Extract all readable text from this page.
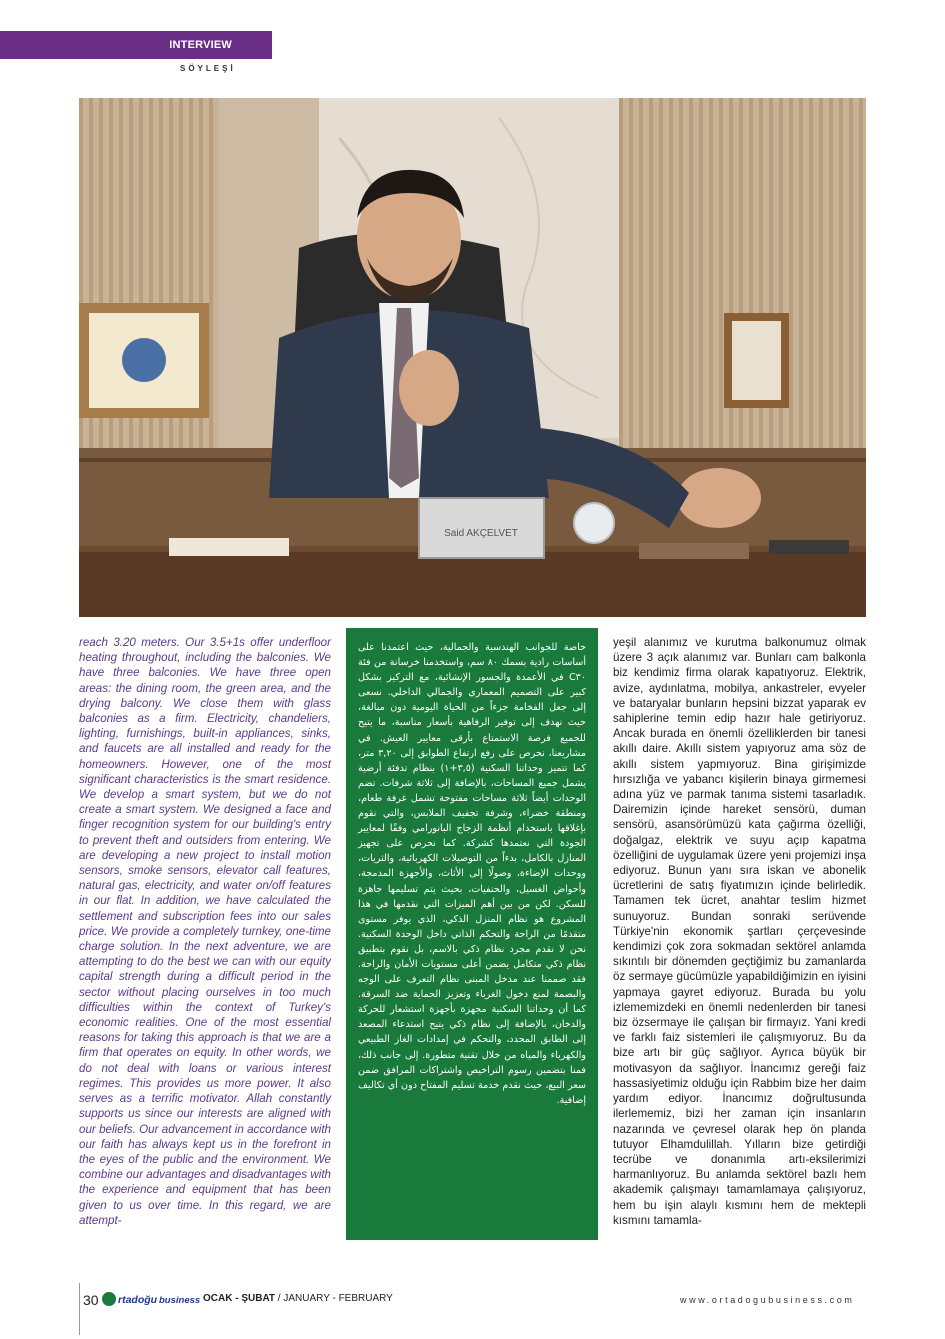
INTERVIEW
SÖYLEŞİ
Said AKÇELVET
reach 3.20 meters. Our 3.5+1s offer underfloor heating throughout, including the balconies. We have three balconies. We have three open areas: the dining room, the green area, and the drying balcony. We close them with glass balconies as a firm. Electricity, chandeliers, lighting, furnishings, built-in appliances, sinks, and faucets are all installed and ready for the homeowners. However, one of the most significant characteristics is the smart residence. We develop a smart system, but we do not create a smart system. We designed a face and finger recognition system for our building's entry to prevent theft and outsiders from entering. We are developing a new project to install motion sensors, smoke sensors, elevator call features, natural gas, electricity, and water on/off features in our flat. In addition, we have calculated the settlement and subscription fees into our sales price. We provide a completely turnkey, one-time charge solution. In the next adventure, we are attempting to do the best we can with our equity capital strength during a difficult period in the sector without placing ourselves in too much difficulties within the context of Turkey's economic realities. One of the most essential reasons for taking this approach is that we are a firm that operates on equity. In other words, we do not deal with loans or various interest regimes. This provides us more power. It also serves as a terrific motivator. Allah constantly supports us since our interests are aligned with our beliefs. Our advancement in accordance with our faith has always kept us in the forefront in the eyes of the public and the environment. We combine our advantages and disadvantages with the experience and equipment that has been given to us over time. In this regard, we are attempt-
خاصة للجوانب الهندسية والجمالية، حيث اعتمدنا على أساسات رادية بسمك ٨٠ سم، واستخدمنا خرسانة من فئة C٣٠ في الأعمدة والجسور الإنشائية، مع التركيز بشكل كبير على التصميم المعماري والجمالي الداخلي. نسعى إلى جعل الفخامة جزءاً من الحياة اليومية دون مبالغة، حيث نهدف إلى توفير الرفاهية بأسعار مناسبة، ما يتيح للجميع فرصة الاستمتاع بأرقى معايير العيش. في مشاريعنا، نحرص على رفع ارتفاع الطوابق إلى ٣,٢٠ متر، كما تتميز وحداتنا السكنية (٣,٥+١) بنظام تدفئة أرضية يشمل جميع المساحات، بالإضافة إلى ثلاثة شرفات. تضم الوحدات أيضاً ثلاثة مساحات مفتوحة تشمل غرفة طعام، ومنطقة خضراء، وشرفة تجفيف الملابس، والتي نقوم بإغلاقها باستخدام أنظمة الزجاج البانورامي وفقًا لمعايير الجودة التي نعتمدها كشركة. كما نحرص على تجهيز المنازل بالكامل، بدءاً من التوصيلات الكهربائية، والثريات، ووحدات الإضاءة، وصولًا إلى الأثاث، والأجهزة المدمجة، وأحواض الغسيل، والحنفيات، بحيث يتم تسليمها جاهزة للسكن. لكن من بين أهم الميزات التي نقدمها في هذا المشروع هو نظام المنزل الذكي، الذي يوفر مستوى متقدمًا من الراحة والتحكم الذاتي داخل الوحدة السكنية. نحن لا نقدم مجرد نظام ذكي بالاسم، بل نقوم بتطبيق نظام ذكي متكامل يضمن أعلى مستويات الأمان والراحة. فقد صممنا عند مدخل المبنى نظام التعرف على الوجه والبصمة لمنع دخول الغرباء وتعزيز الحماية ضد السرقة. كما أن وحداتنا السكنية مجهزة بأجهزة استشعار للحركة والدخان، بالإضافة إلى نظام ذكي يتيح استدعاء المصعد إلى الطابق المحدد، والتحكم في إمدادات الغاز الطبيعي والكهرباء والمياه من خلال تقنية متطورة. إلى جانب ذلك، فمنا بتضمين رسوم التراخيص واشتراكات المرافق ضمن سعر البيع، حيث نقدم خدمة تسليم المفتاح دون أي تكاليف إضافية.
yeşil alanımız ve kurutma balkonumuz olmak üzere 3 açık alanımız var. Bunları cam balkonla biz kendimiz firma olarak kapatıyoruz. Elektrik, avize, aydınlatma, mobilya, ankastreler, evyeler ve bataryalar bunların hepsini bizzat yaparak ev sahiplerine temin edip hazır hale getiriyoruz. Ancak burada en önemli özelliklerden bir tanesi akıllı daire. Akıllı sistem yapıyoruz ama söz de akıllı sistem yapmıyoruz. Bina girişimizde hırsızlığa ve yabancı kişilerin binaya girmemesi adına yüz ve parmak tanıma sistemi tasarladık. Dairemizin içinde hareket sensörü, duman sensörü, asansörümüzü kata çağırma özelliği, doğalgaz, elektrik ve suyu açıp kapatma özelliğini de uygulamak üzere yeni projemizi inşa ediyoruz. Bunun yanı sıra iskan ve abonelik ücretlerini de satış fiyatımızın içinde belirledik. Tamamen tek ücret, anahtar teslim hizmet sunuyoruz. Bundan sonraki serüvende Türkiye'nin ekonomik şartları çerçevesinde kendimizi çok zora sokmadan sektörel anlamda sıkıntılı bir dönemden geçtiğimiz bu zamanlarda öz sermaye gücümüzle yapabildiğimizin en iyisini yapmaya gayret ediyoruz. Burada bu yolu izlememizdeki en önemli nedenlerden bir tanesi biz özsermaye ile çalışan bir firmayız. Yani kredi ve farklı faiz sistemleri ile çalışmıyoruz. Bu da bize artı bir güç sağlıyor. Ayrıca büyük bir motivasyon da sağlıyor. İnancımız gereği faiz hassasiyetimiz olduğu için Rabbim bize her daim yardım ediyor. İnancımız doğrultusunda ilerlememiz, bizi her zaman için insanların nazarında ve çevresel olarak hep ön planda tutuyor Elhamdulillah. Yılların bize getirdiği tecrübe ve donanımla artı-eksilerimizi harmanlıyoruz. Bu anlamda sektörel bazlı hem akademik çalışmayı tamamlamaya çalışıyoruz, hem bu işin alaylı kısmını hem de mektepli kısmını tamamla-
30 rtadoğu business OCAK - ŞUBAT / JANUARY - FEBRUARY	www.ortadogubusiness.com
